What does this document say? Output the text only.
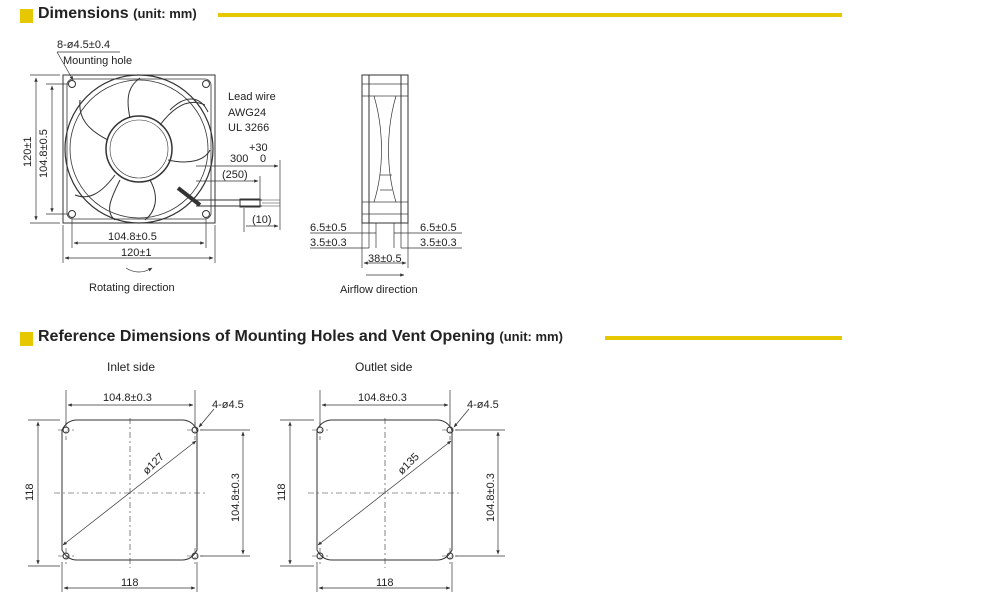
Dimensions (unit: mm)
Reference Dimensions of Mounting Holes and Vent Opening (unit: mm)
8-ø4.5±0.4
Mounting hole
Lead wire
AWG24
UL 3266
+30
300 0
(250)
(10)
120±1 104.8±0.5
104.8±0.5
120±1
Rotating direction
6.5±0.5
3.5±0.3
6.5±0.5
3.5±0.3
38±0.5
Airflow direction
Inlet side
104.8±0.3
4-ø4.5
ø127
104.8±0.3
118
118
Outlet side
104.8±0.3
4-ø4.5
ø135
104.8±0.3
118
118
